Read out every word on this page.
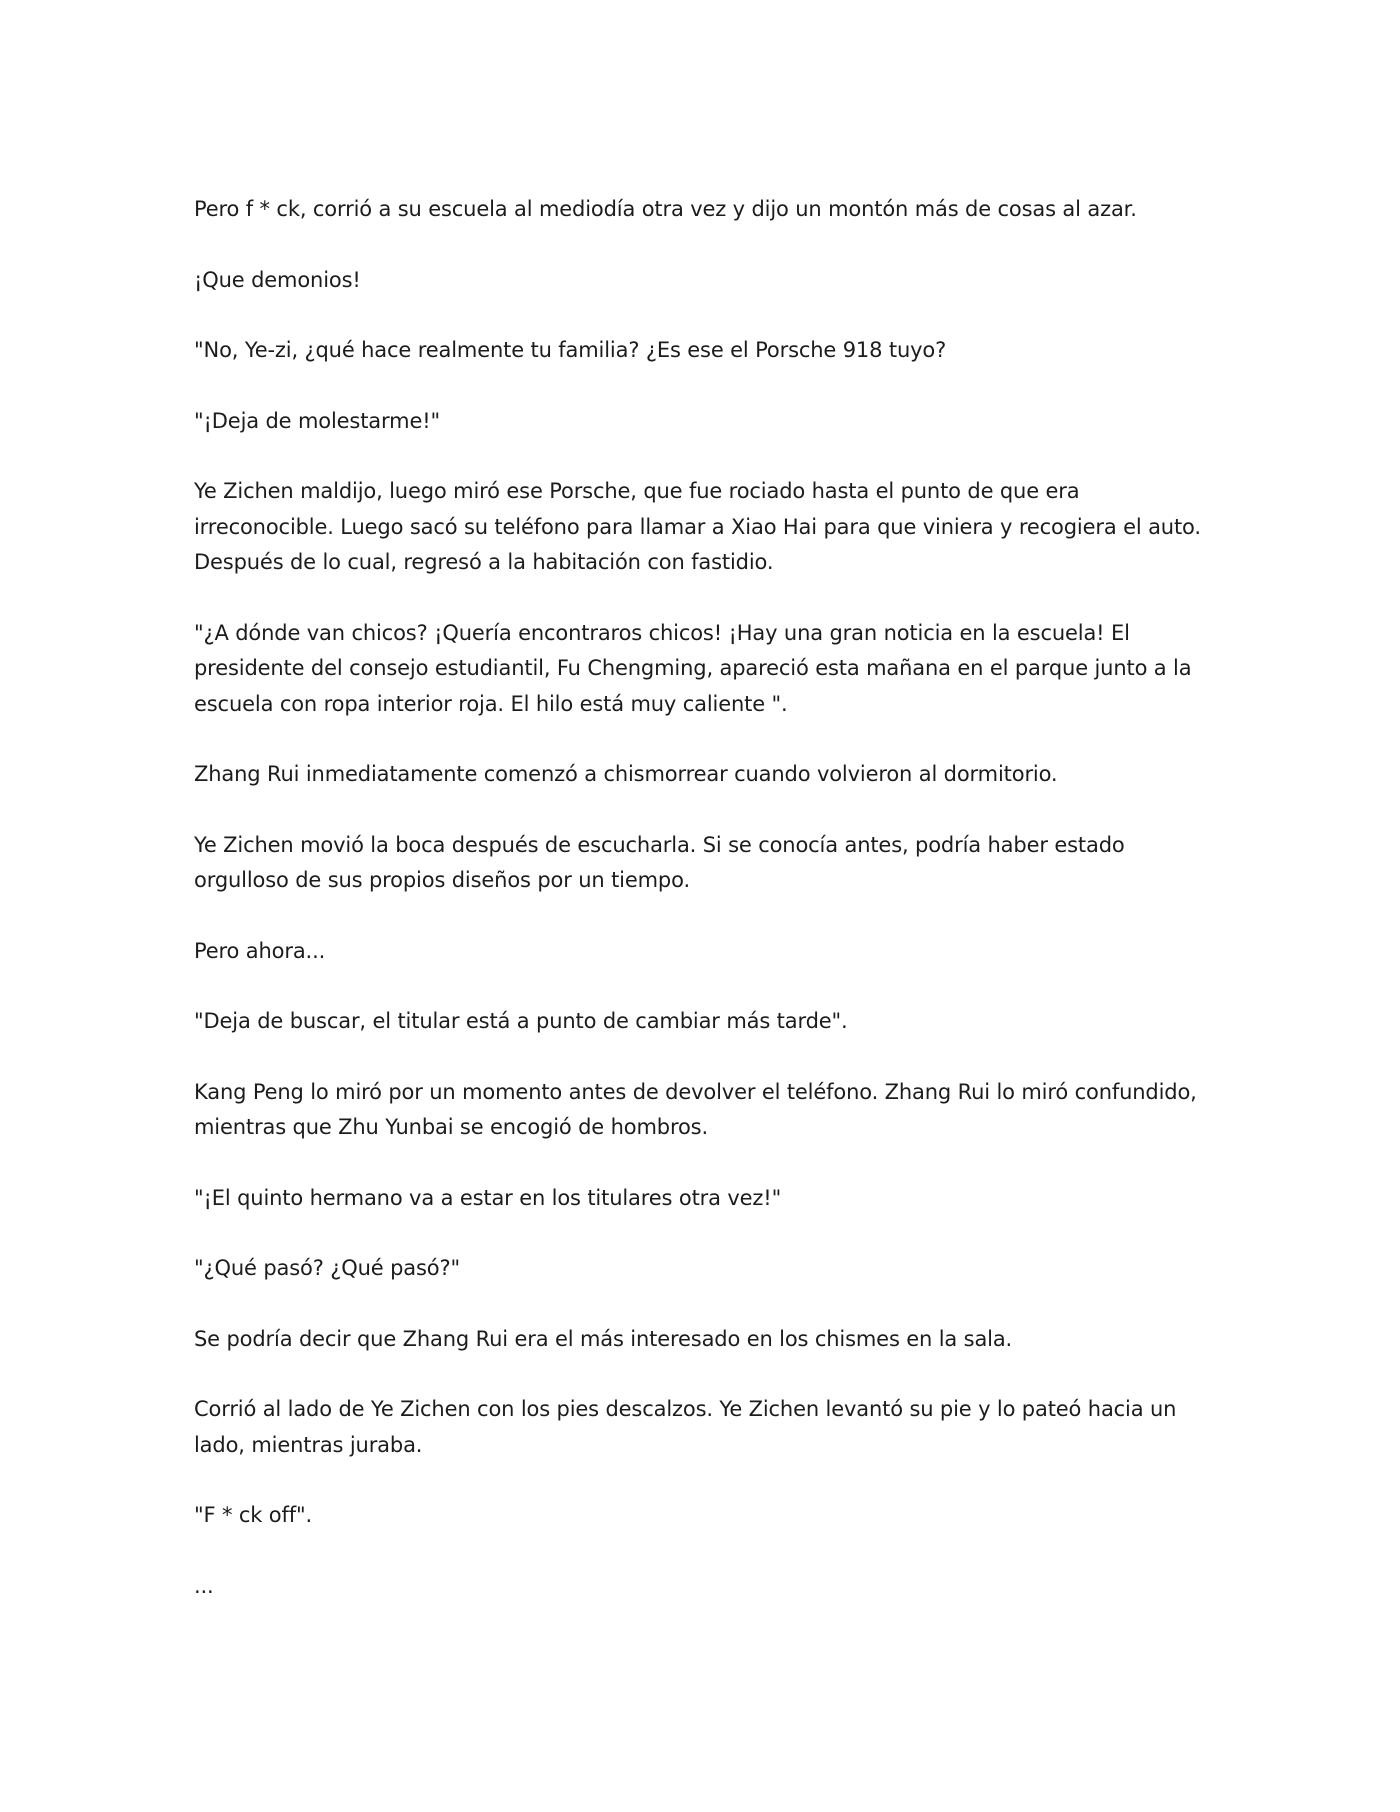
Pero f * ck, corrió a su escuela al mediodía otra vez y dijo un montón más de cosas al azar.

¡Que demonios!

"No, Ye-zi, ¿qué hace realmente tu familia? ¿Es ese el Porsche 918 tuyo?

"¡Deja de molestarme!"

Ye Zichen maldijo, luego miró ese Porsche, que fue rociado hasta el punto de que era irreconocible. Luego sacó su teléfono para llamar a Xiao Hai para que viniera y recogiera el auto. Después de lo cual, regresó a la habitación con fastidio.

"¿A dónde van chicos? ¡Quería encontraros chicos! ¡Hay una gran noticia en la escuela! El presidente del consejo estudiantil, Fu Chengming, apareció esta mañana en el parque junto a la escuela con ropa interior roja. El hilo está muy caliente ".

Zhang Rui inmediatamente comenzó a chismorrear cuando volvieron al dormitorio.

Ye Zichen movió la boca después de escucharla. Si se conocía antes, podría haber estado orgulloso de sus propios diseños por un tiempo.

Pero ahora...

"Deja de buscar, el titular está a punto de cambiar más tarde".

Kang Peng lo miró por un momento antes de devolver el teléfono. Zhang Rui lo miró confundido, mientras que Zhu Yunbai se encogió de hombros.

"¡El quinto hermano va a estar en los titulares otra vez!"

"¿Qué pasó? ¿Qué pasó?"

Se podría decir que Zhang Rui era el más interesado en los chismes en la sala.

Corrió al lado de Ye Zichen con los pies descalzos. Ye Zichen levantó su pie y lo pateó hacia un lado, mientras juraba.

"F * ck off".

...
